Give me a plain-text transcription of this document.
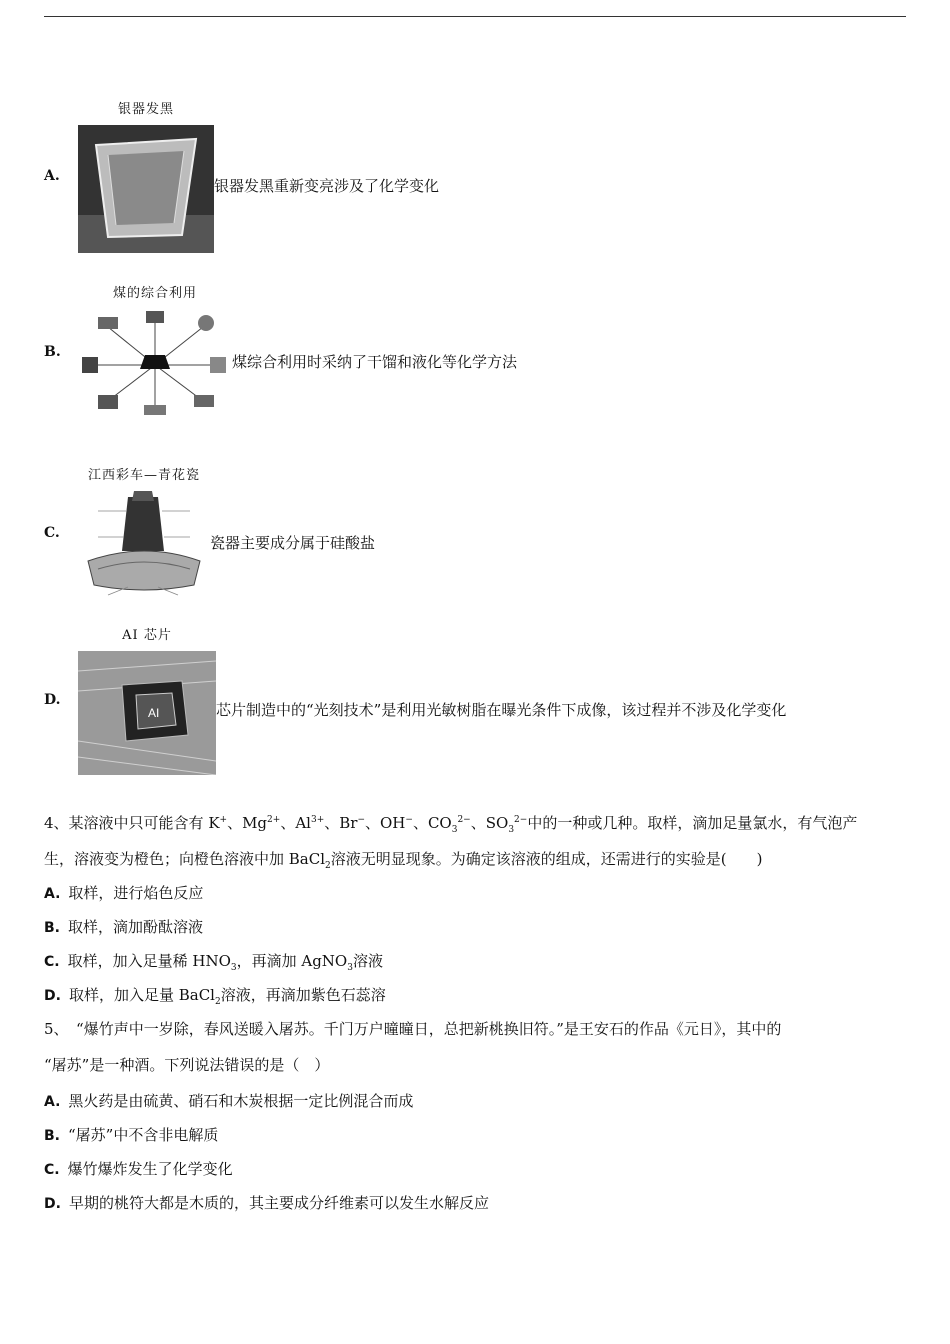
A.
银器发黑
银器发黑重新变亮涉及了化学变化
B.
煤的综合利用
煤综合利用时采纳了干馏和液化等化学方法
C.
江西彩车—青花瓷
瓷器主要成分属于硅酸盐
D.
AI 芯片
AI	芯片制造中的“光刻技术”是利用光敏树脂在曝光条件下成像，该过程并不涉及化学变化
4、某溶液中只可能含有 K+、$Mg^{2+}$、$Al^{3+}$、Br−、OH−、$CO_3^{2-}$、$SO_3^{2-}$中的一种或几种。取样，滴加足量氯水，有气泡产
生，溶液变为橙色；向橙色溶液中加 BaCl$_2$溶液无明显现象。为确定该溶液的组成，还需进行的实验是(　　)
A. 取样，进行焰色反应
B. 取样，滴加酚酞溶液
C. 取样，加入足量稀 $HNO_3$，再滴加 AgNO$_3$溶液
D. 取样，加入足量 BaCl$_2$溶液，再滴加紫色石蕊溶
5、　“爆竹声中一岁除，春风送暖入屠苏。千门万户曈曈日，总把新桃换旧符。”是王安石的作品《元日》，其中的
“屠苏”是一种酒。下列说法错误的是（　）
A. 黑火药是由硫黄、硝石和木炭根据一定比例混合而成
B. “屠苏”中不含非电解质
C. 爆竹爆炸发生了化学变化
D. 早期的桃符大都是木质的，其主要成分纤维素可以发生水解反应
